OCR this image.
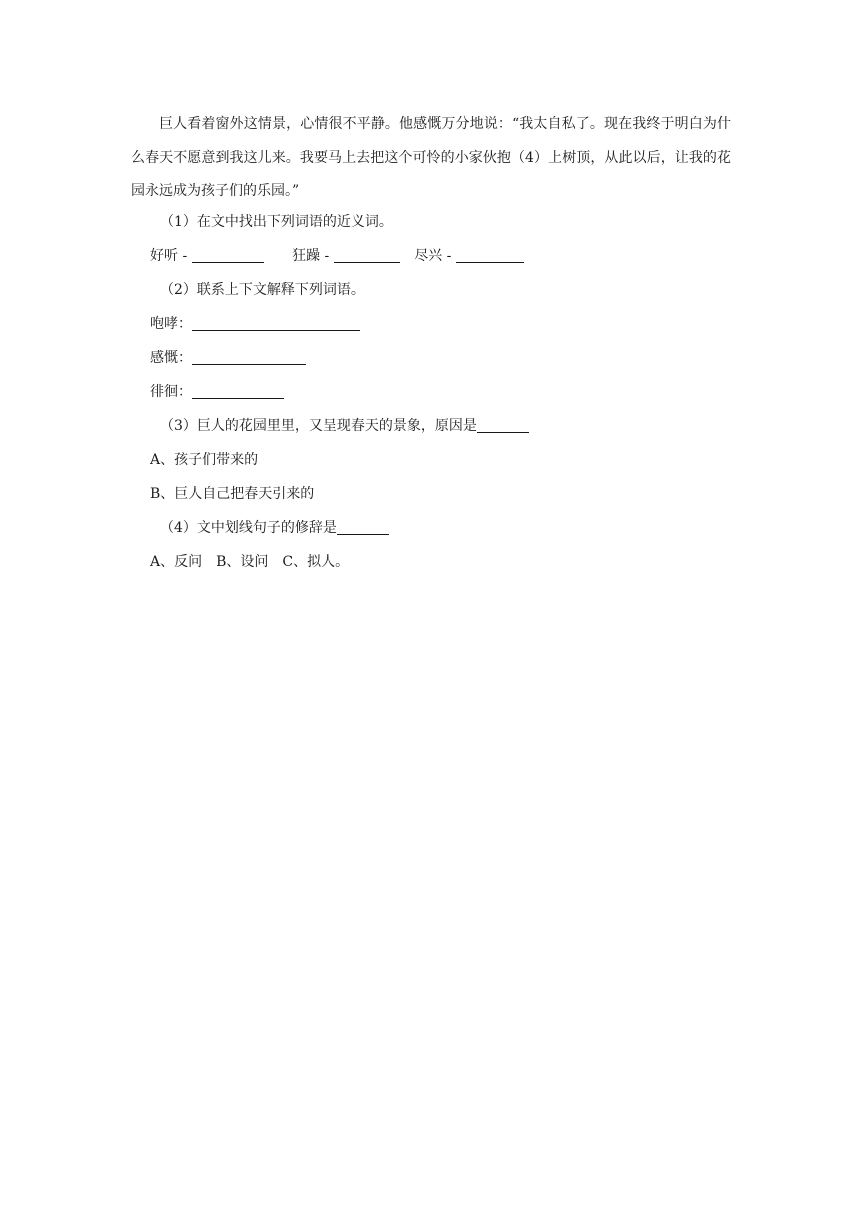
巨人看着窗外这情景，心情很不平静。他感慨万分地说：“我太自私了。现在我终于明白为什么春天不愿意到我这儿来。我要马上去把这个可怜的小家伙抱（4）上树顶，从此以后，让我的花园永远成为孩子们的乐园。”

（1）在文中找出下列词语的近义词。
好听 -	狂躁 -	尽兴 -
（2）联系上下文解释下列词语。
咆哮：
感慨：
徘徊：
（3）巨人的花园里里，又呈现春天的景象，原因是
A、孩子们带来的
B、巨人自己把春天引来的
（4）文中划线句子的修辞是
A、反问　B、设问　C、拟人。
